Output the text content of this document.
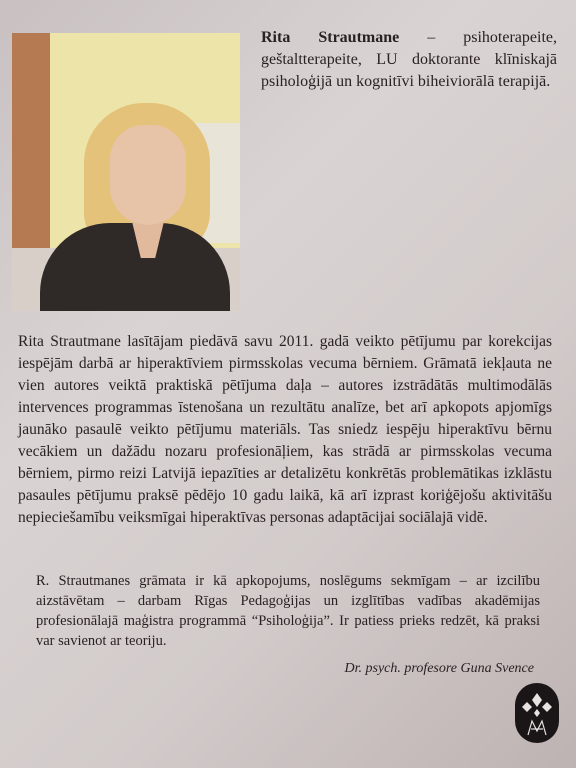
Rita Strautmane – psihoterapeite, geštaltterapeite, LU doktorante klīniskajā psiholoģijā un kognitīvi biheiviorālā terapijā.

Rita Strautmane lasītājam piedāvā savu 2011. gadā veikto pētījumu par korekcijas iespējām darbā ar hiperaktīviem pirmsskolas vecuma bērniem. Grāmatā iekļauta ne vien autores veiktā praktiskā pētījuma daļa – autores izstrādātās multimodālās intervences programmas īstenošana un rezultātu analīze, bet arī apkopots apjomīgs jaunāko pasaulē veikto pētījumu materiāls. Tas sniedz iespēju hiperaktīvu bērnu vecākiem un dažādu nozaru profesionāļiem, kas strādā ar pirmsskolas vecuma bērniem, pirmo reizi Latvijā iepazīties ar detalizētu konkrētās problemātikas izklāstu pasaules pētījumu praksē pēdējo 10 gadu laikā, kā arī izprast koriģējošu aktivitāšu nepieciešamību veiksmīgai hiperaktīvas personas adaptācijai sociālajā vidē.

R. Strautmanes grāmata ir kā apkopojums, noslēgums sekmīgam – ar izcilību aizstāvētam – darbam Rīgas Pedagoģijas un izglītības vadības akadēmijas profesionālajā maģistra programmā “Psiholoģija”. Ir patiess prieks redzēt, kā praksi var savienot ar teoriju.

Dr. psych. profesore Guna Svence
